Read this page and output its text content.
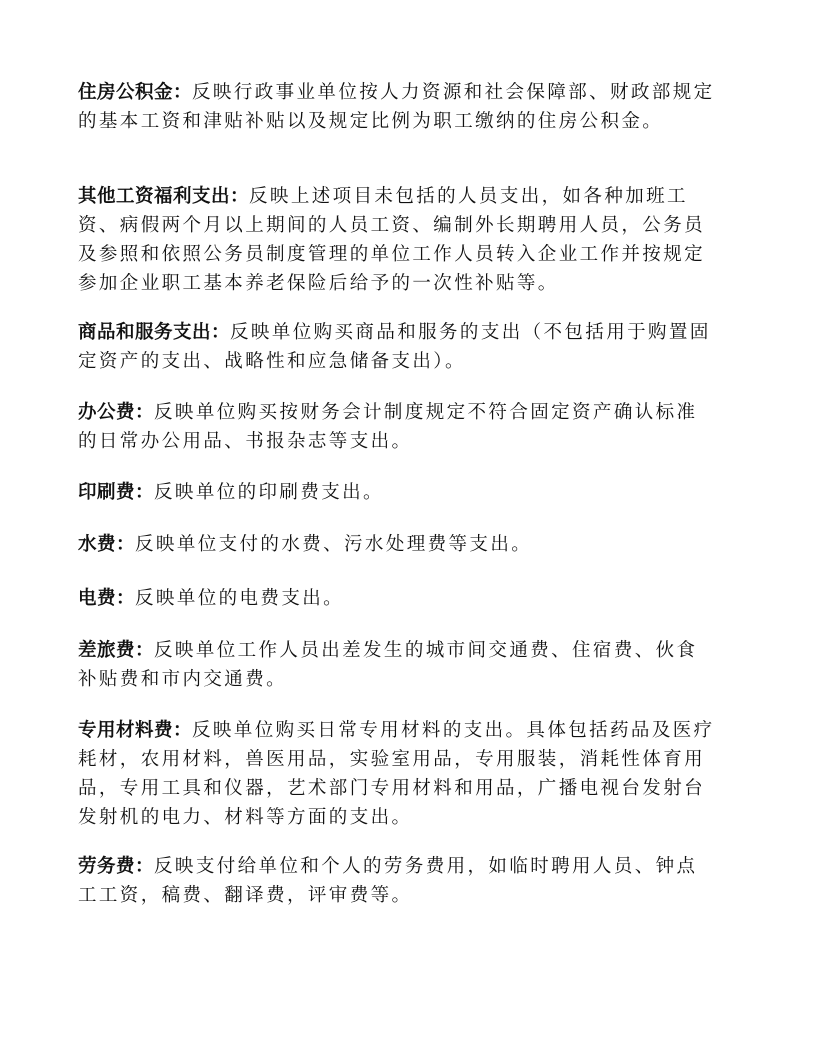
住房公积金：反映行政事业单位按人力资源和社会保障部、财政部规定的基本工资和津贴补贴以及规定比例为职工缴纳的住房公积金。

其他工资福利支出：反映上述项目未包括的人员支出，如各种加班工资、病假两个月以上期间的人员工资、编制外长期聘用人员，公务员及参照和依照公务员制度管理的单位工作人员转入企业工作并按规定参加企业职工基本养老保险后给予的一次性补贴等。

商品和服务支出：反映单位购买商品和服务的支出（不包括用于购置固定资产的支出、战略性和应急储备支出）。

办公费：反映单位购买按财务会计制度规定不符合固定资产确认标准的日常办公用品、书报杂志等支出。

印刷费：反映单位的印刷费支出。

水费：反映单位支付的水费、污水处理费等支出。

电费：反映单位的电费支出。

差旅费：反映单位工作人员出差发生的城市间交通费、住宿费、伙食补贴费和市内交通费。

专用材料费：反映单位购买日常专用材料的支出。具体包括药品及医疗耗材，农用材料，兽医用品，实验室用品，专用服装，消耗性体育用品，专用工具和仪器，艺术部门专用材料和用品，广播电视台发射台发射机的电力、材料等方面的支出。

劳务费：反映支付给单位和个人的劳务费用，如临时聘用人员、钟点工工资，稿费、翻译费，评审费等。
